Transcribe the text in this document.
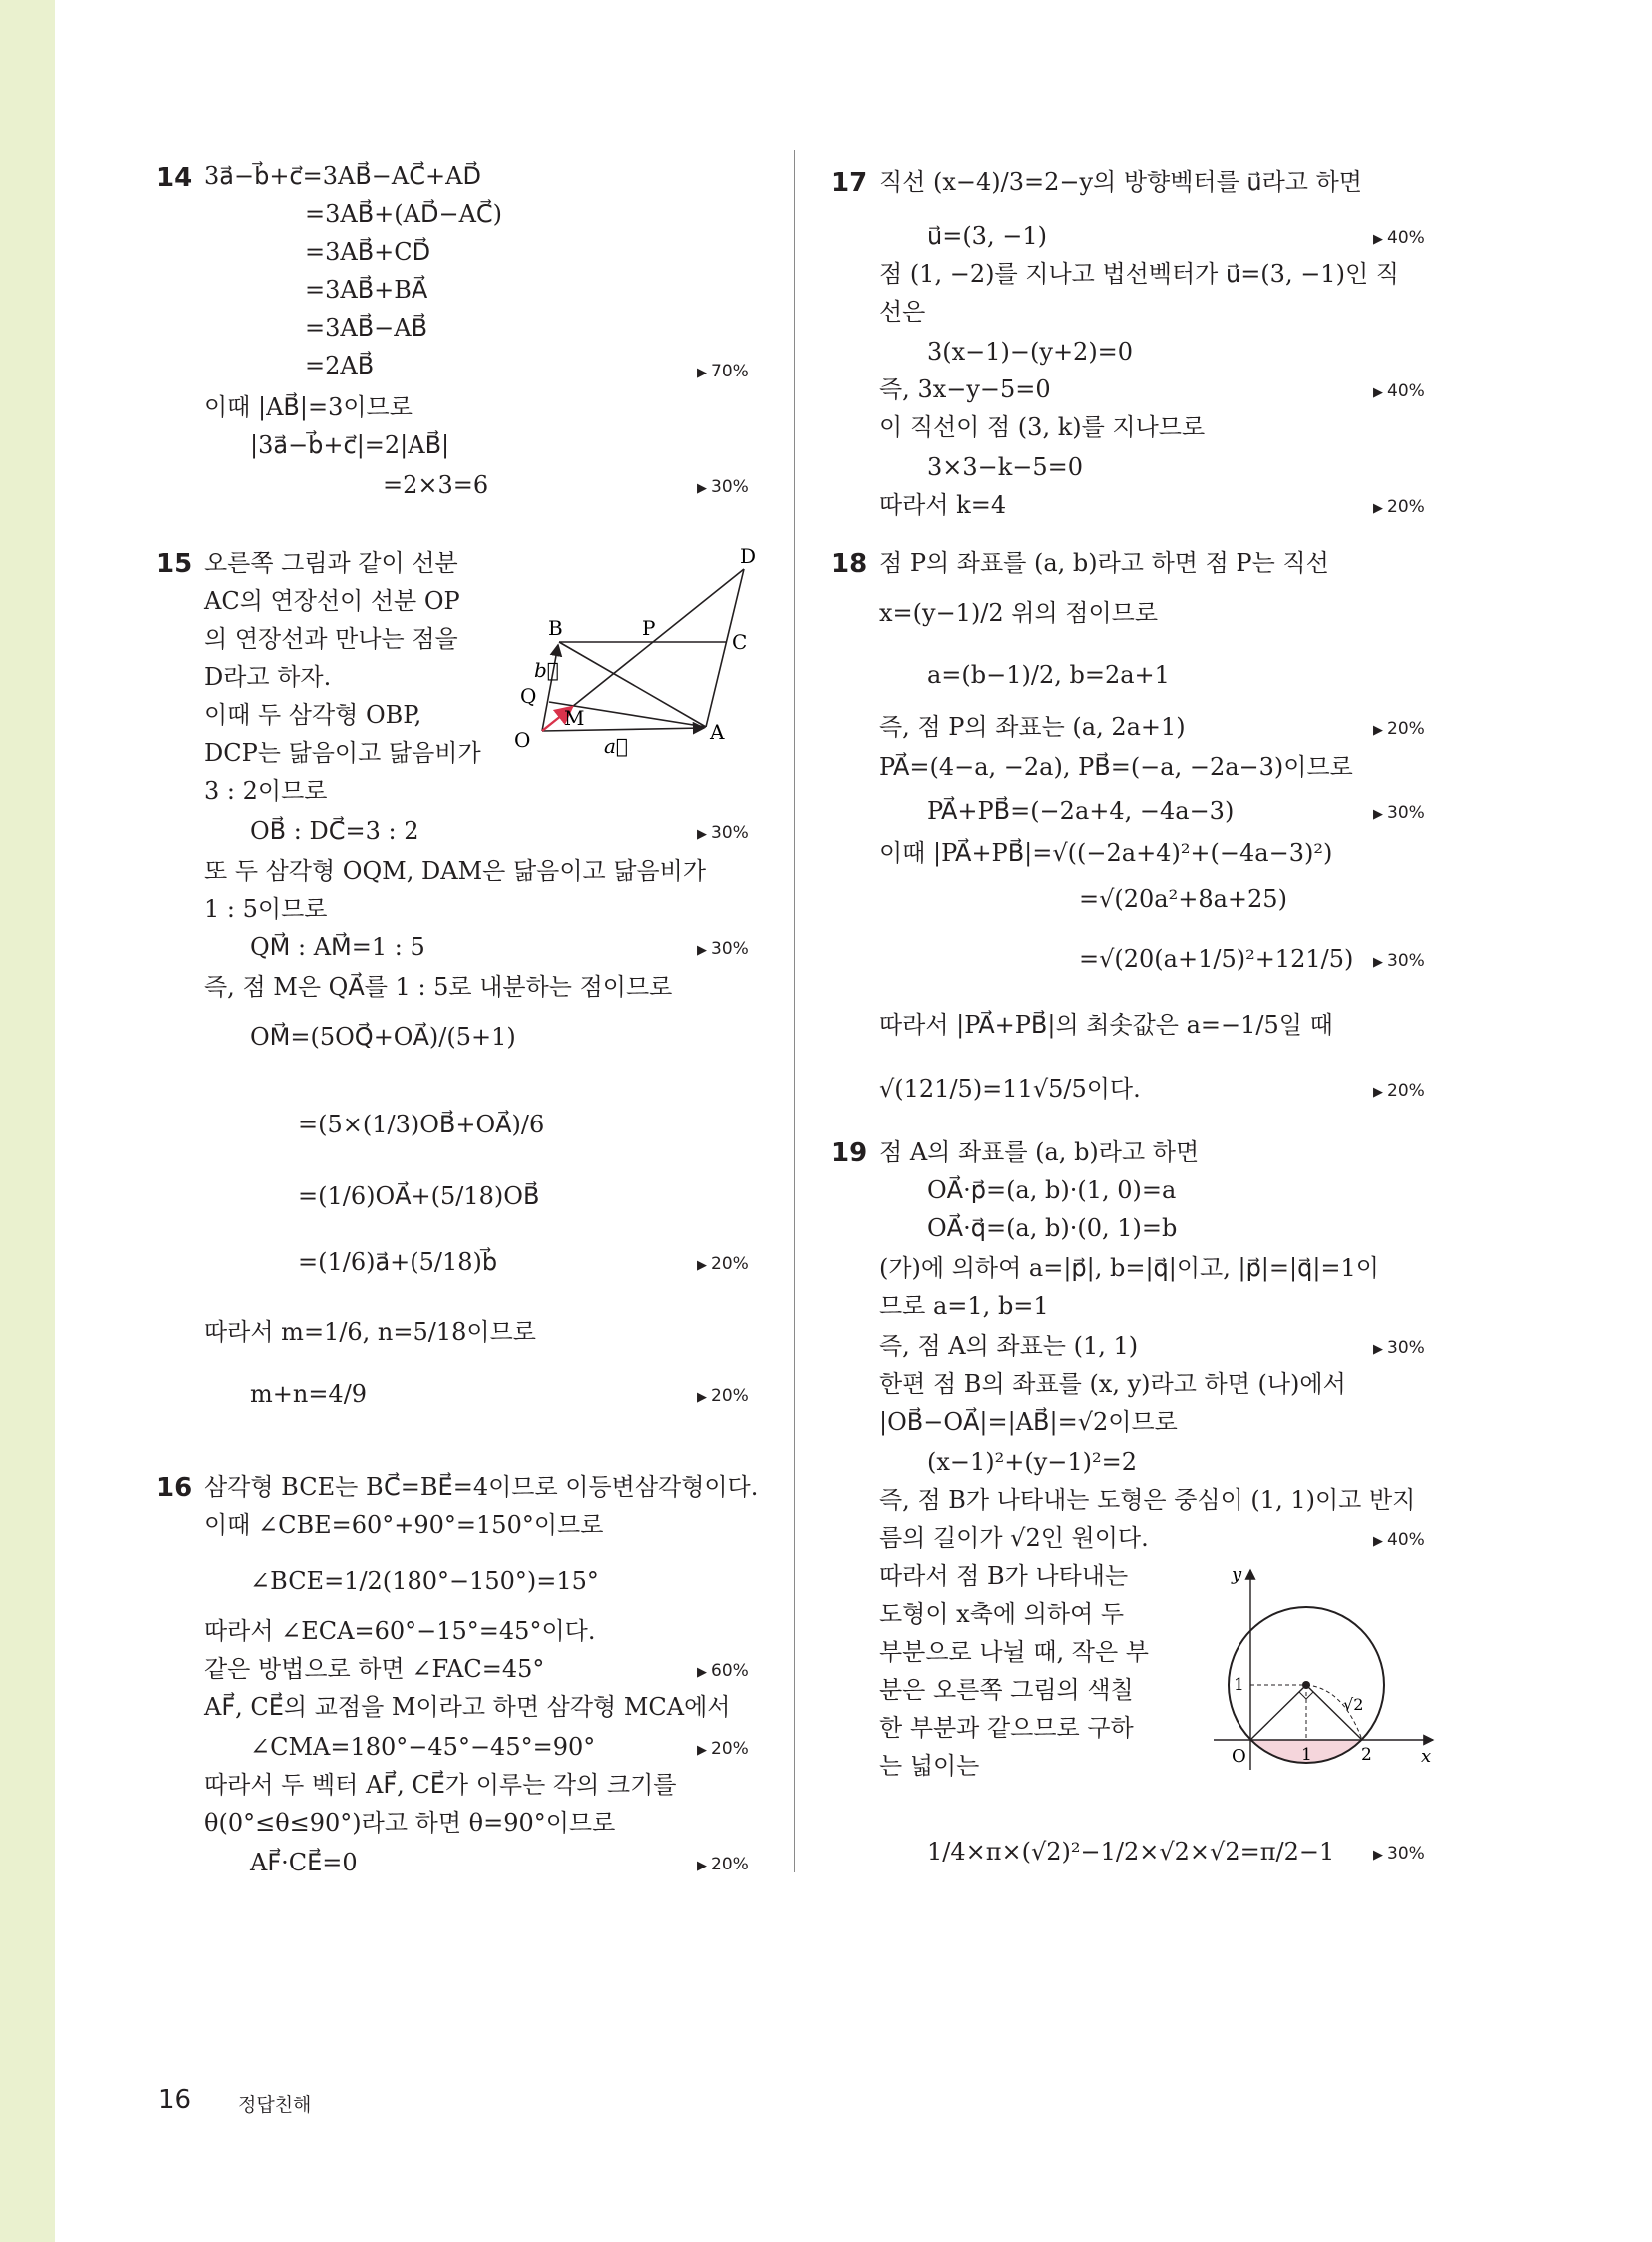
14 3a⃗−b⃗+c⃗=3AB⃗−AC⃗+AD⃗
=3AB⃗+(AD⃗−AC⃗)
=3AB⃗+CD⃗
=3AB⃗+BA⃗
=3AB⃗−AB⃗
=2AB⃗	▶ 70%
이때 |AB⃗|=3이므로
|3a⃗−b⃗+c⃗|=2|AB⃗|
=2×3=6	▶ 30%
15 오른쪽 그림과 같이 선분
AC의 연장선이 선분 OP
의 연장선과 만나는 점을
D라고 하자.
이때 두 삼각형 OBP,
DCP는 닮음이고 닮음비가
3 : 2이므로
OB⃗ : DC⃗=3 : 2	▶ 30%
또 두 삼각형 OQM, DAM은 닮음이고 닮음비가
1 : 5이므로
QM⃗ : AM⃗=1 : 5	▶ 30%
즉, 점 M은 QA⃗를 1 : 5로 내분하는 점이므로
OM⃗=(5OQ⃗+OA⃗)/(5+1)
=(5×(1/3)OB⃗+OA⃗)/6
=(1/6)OA⃗+(5/18)OB⃗
=(1/6)a⃗+(5/18)b⃗	▶ 20%
따라서 m=1/6, n=5/18이므로
m+n=4/9	▶ 20%
D
B	P
C
b⃗
Q
M
O	a⃗
A
16 삼각형 BCE는 BC⃗=BE⃗=4이므로 이등변삼각형이다.
이때 ∠CBE=60°+90°=150°이므로
∠BCE=1/2(180°−150°)=15°
따라서 ∠ECA=60°−15°=45°이다.
같은 방법으로 하면 ∠FAC=45°	▶ 60%
AF⃗, CE⃗의 교점을 M이라고 하면 삼각형 MCA에서
∠CMA=180°−45°−45°=90°	▶ 20%
따라서 두 벡터 AF⃗, CE⃗가 이루는 각의 크기를
θ(0°≤θ≤90°)라고 하면 θ=90°이므로
AF⃗·CE⃗=0	▶ 20%
17 직선 (x−4)/3=2−y의 방향벡터를 u⃗라고 하면
u⃗=(3, −1)	▶ 40%
점 (1, −2)를 지나고 법선벡터가 u⃗=(3, −1)인 직
선은
3(x−1)−(y+2)=0
즉, 3x−y−5=0	▶ 40%
이 직선이 점 (3, k)를 지나므로
3×3−k−5=0
따라서 k=4	▶ 20%
18 점 P의 좌표를 (a, b)라고 하면 점 P는 직선
x=(y−1)/2 위의 점이므로
a=(b−1)/2, b=2a+1
즉, 점 P의 좌표는 (a, 2a+1)	▶ 20%
PA⃗=(4−a, −2a), PB⃗=(−a, −2a−3)이므로
PA⃗+PB⃗=(−2a+4, −4a−3)	▶ 30%
이때 |PA⃗+PB⃗|=√((−2a+4)²+(−4a−3)²)
=√(20a²+8a+25)
=√(20(a+1/5)²+121/5) ▶ 30%
따라서 |PA⃗+PB⃗|의 최솟값은 a=−1/5일 때
√(121/5)=11√5/5이다.	▶ 20%
19 점 A의 좌표를 (a, b)라고 하면
OA⃗·p⃗=(a, b)·(1, 0)=a
OA⃗·q⃗=(a, b)·(0, 1)=b
(가)에 의하여 a=|p⃗|, b=|q⃗|이고, |p⃗|=|q⃗|=1이
므로 a=1, b=1
즉, 점 A의 좌표는 (1, 1)	▶ 30%
한편 점 B의 좌표를 (x, y)라고 하면 (나)에서
|OB⃗−OA⃗|=|AB⃗|=√2이므로
(x−1)²+(y−1)²=2
즉, 점 B가 나타내는 도형은 중심이 (1, 1)이고 반지
름의 길이가 √2인 원이다.	▶ 40%
따라서 점 B가 나타내는
도형이 x축에 의하여 두
부분으로 나뉠 때, 작은 부
분은 오른쪽 그림의 색칠
한 부분과 같으므로 구하
는 넓이는
1/4×π×(√2)²−1/2×√2×√2=π/2−1	▶ 30%
y
1
√2
O	1	2	x
16 정답친해
